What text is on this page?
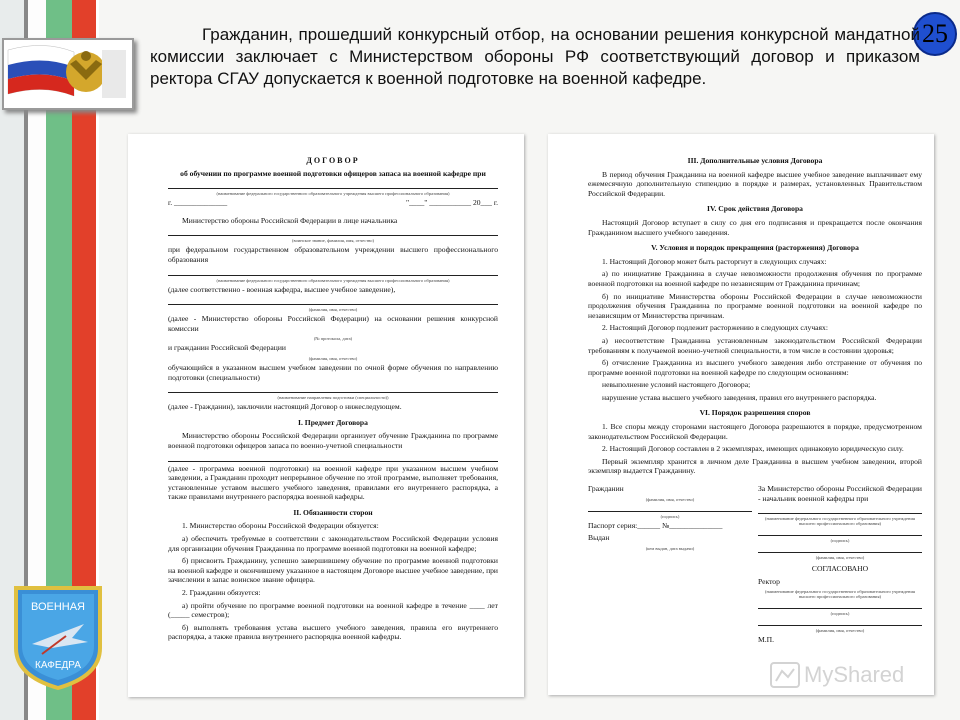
ВОЕННАЯ
КАФЕДРА
25

Гражданин, прошедший конкурсный отбор, на основании решения конкурсной мандатной комиссии заключает с Министерством обороны РФ соответствующий договор и приказом ректора СГАУ допускается к военной подготовке на военной кафедре.

ДОГОВОР

об обучении по программе военной подготовки офицеров запаса на военной кафедре при

(наименование федерального государственного образовательного учреждения высшего профессионального образования)

г. ______________	"____" ___________ 20___ г.

Министерство обороны Российской Федерации в лице начальника

(воинское звание, фамилия, имя, отчество)

при федеральном государственном образовательном учреждении высшего профессионального образования

(наименование федерального государственного образовательного учреждения высшего профессионального образования)

(далее соответственно - военная кафедра, высшее учебное заведение),

(фамилия, имя, отчество)

(далее - Министерство обороны Российской Федерации) на основании решения конкурсной комиссии

(№ протокола, дата)

и гражданин Российской Федерации

(фамилия, имя, отчество)

обучающийся в указанном высшем учебном заведении по очной форме обучения по направлению подготовки (специальности)

(наименование направления подготовки (специальности))

(далее - Гражданин), заключили настоящий Договор о нижеследующем.

I. Предмет Договора

Министерство обороны Российской Федерации организует обучение Гражданина по программе военной подготовки офицеров запаса по военно-учетной специальности

(далее - программа военной подготовки) на военной кафедре при указанном высшем учебном заведении, а Гражданин проходит непрерывное обучение по этой программе, выполняет требования, установленные уставом высшего учебного заведения, правилами его внутреннего распорядка, а также правилами внутреннего распорядка военной кафедры.

II. Обязанности сторон

1. Министерство обороны Российской Федерации обязуется:

а) обеспечить требуемые в соответствии с законодательством Российской Федерации условия для организации обучения Гражданина по программе военной подготовки на военной кафедре;

б) присвоить Гражданину, успешно завершившему обучение по программе военной подготовки на военной кафедре и окончившему указанное в настоящем Договоре высшее учебное заведение, при зачислении в запас воинское звание офицера.

2. Гражданин обязуется:

а) пройти обучение по программе военной подготовки на военной кафедре в течение ____ лет (_____ семестров);

б) выполнять требования устава высшего учебного заведения, правила его внутреннего распорядка, а также правила внутреннего распорядка военной кафедры.

III. Дополнительные условия Договора

В период обучения Гражданина на военной кафедре высшее учебное заведение выплачивает ему ежемесячную дополнительную стипендию в порядке и размерах, установленных Правительством Российской Федерации.

IV. Срок действия Договора

Настоящий Договор вступает в силу со дня его подписания и прекращается после окончания Гражданином высшего учебного заведения.

V. Условия и порядок прекращения (расторжения) Договора

1. Настоящий Договор может быть расторгнут в следующих случаях:

а) по инициативе Гражданина в случае невозможности продолжения обучения по программе военной подготовки на военной кафедре по независящим от Гражданина причинам;

б) по инициативе Министерства обороны Российской Федерации в случае невозможности продолжения обучения Гражданина по программе военной подготовки на военной кафедре по независящим от Министерства причинам.

2. Настоящий Договор подлежит расторжению в следующих случаях:

а) несоответствие Гражданина установленным законодательством Российской Федерации требованиям к получаемой военно-учетной специальности, в том числе в состоянии здоровья;

б) отчисление Гражданина из высшего учебного заведения либо отстранение от обучения по программе военной подготовки на военной кафедре по следующим основаниям:

невыполнение условий настоящего Договора;

нарушение устава высшего учебного заведения, правил его внутреннего распорядка.

VI. Порядок разрешения споров

1. Все споры между сторонами настоящего Договора разрешаются в порядке, предусмотренном законодательством Российской Федерации.

2. Настоящий Договор составлен в 2 экземплярах, имеющих одинаковую юридическую силу.

Первый экземпляр хранится в личном деле Гражданина в высшем учебном заведении, второй экземпляр выдается Гражданину.

Гражданин

(фамилия, имя, отчество)

(подпись)

Паспорт серия:______ №______________

Выдан

(кем выдан, дата выдачи)

За Министерство обороны Российской Федерации - начальник военной кафедры при

(наименование федерального государственного образовательного учреждения высшего профессионального образования)

(подпись)

(фамилия, имя, отчество)

СОГЛАСОВАНО

Ректор

(наименование федерального государственного образовательного учреждения высшего профессионального образования)

(подпись)

(фамилия, имя, отчество)

М.П.

MyShared
